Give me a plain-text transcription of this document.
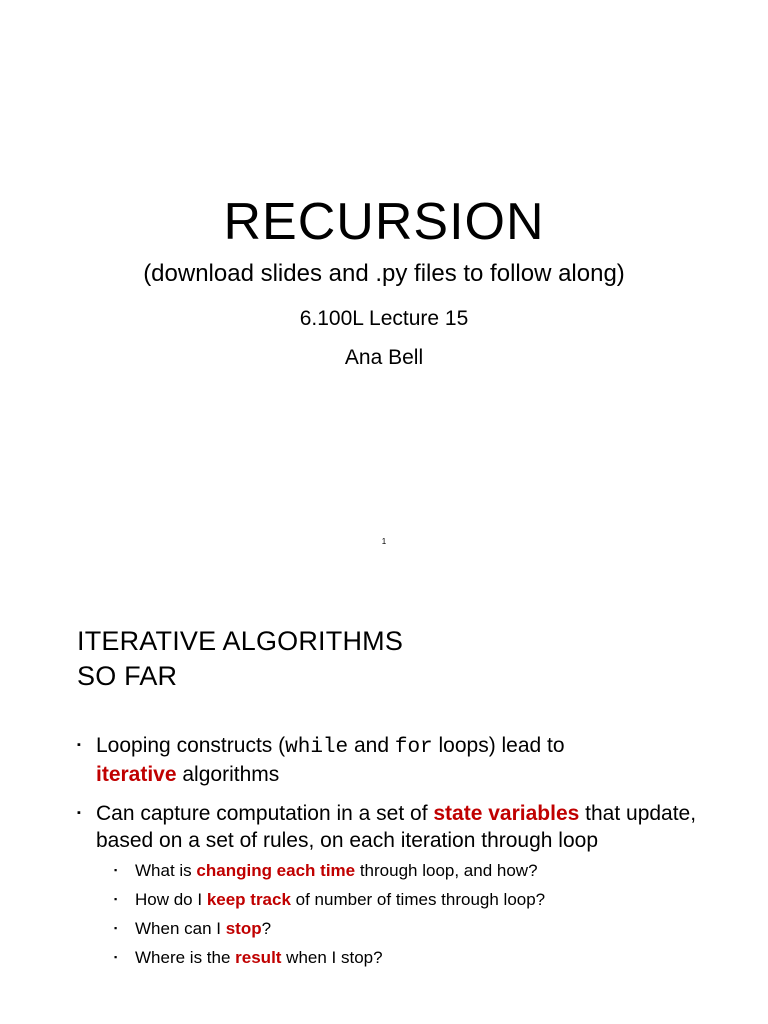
RECURSION
(download slides and .py files to follow along)
6.100L Lecture 15
Ana Bell
1
ITERATIVE ALGORITHMS
SO FAR
▪ Looping constructs (while and for loops) lead to
iterative algorithms
▪ Can capture computation in a set of state variables that update, based on a set of rules, on each iteration through loop
▪ What is changing each time through loop, and how?
▪ How do I keep track of number of times through loop?
▪ When can I stop?
▪ Where is the result when I stop?
